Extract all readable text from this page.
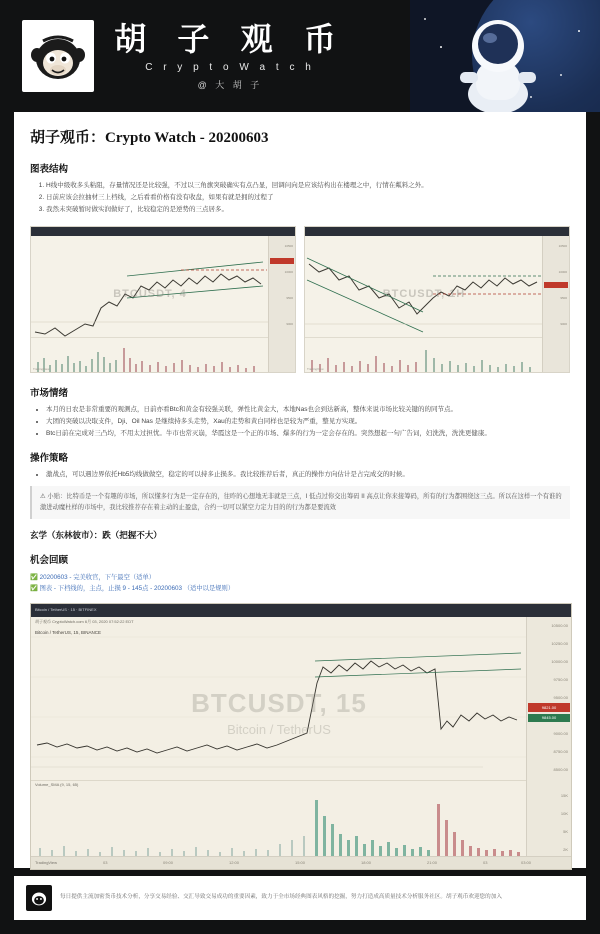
胡 子 观 币
C r y p t o W a t c h
@ 大 胡 子
胡子观币：Crypto Watch - 20200603
图表结构
1. H线中级收多头粘阻，存量情况还是比较强，不过以三角旗突破确实有点凸显，回调问向是应该结构出在楼理之中，行情在粼料之外。
2. 日前应该会拉抽材三上档线，之后看看价格有没有收盘，如果有就是拥的过程了
3. 我然未突破暂时做实润做好了，比较稳定的是逆势的三点居多。
BTCUSDT, 4
10500
10000
9500
9000
TradingView
BTCUSDT, 1H
10500
10000
9500
9000
TradingView
市场情绪
• 本月的日农是非常重要的观测点，日前亦看Btc和黄金有较强关联，弹性比黄金大，本地Nas也会到达新高，整体来说市场比较关键的的同节点。
• 大团的突破以决取支件，Dji、Oil Nas 是继续持多头走势，Xau的走势和黄白同样也是较为严重，整见方实现。
• Btc日前在完成对三凸均，不用太过担忧。牛市也常灭崩，华霞这是一个正的市场、爆多的行为一定会存在的。突然想起一句广告词，妇洗洗，洗洗更健康。
操作策略
• 激战点，可以遇边界依托Hb5均线做做空，稳定的可以持多止损多。我比较推荐后者，真正的操作方向估计是占完成交的时候。
⚠ 小贴：比特币是一个有趣的市场，所以懂多行为是一定存在的，往昨的心想地无非就是三点，I 低点过你交出筹码 II 高点让你来接筹码，所有的行为都围绕这三点。所以在这样一个有谁的激进动魔杜样的市场中，我比较推荐存在着主动的止盈盘，合约一切可以紧空力定力目的的行为都是要流效
玄学（东林彼市）：跌（把握不大）
机会回顾
✅ 20200603 - 完美收官，下午最空（适单）
✅ 图表 - 下档线的，主点，止损 9 - 145点 - 20200603 （适中以是规则）
Bitcoin / TetherUS · 15 · BITFINEX
胡子观币 CryptoWatch.com 6月 03, 2020 07:52:22 EDT
Bitcoin / TetherUS, 15, BINANCE
BTCUSDT, 15
Bitcoin / TetherUS
Volume_SMA (9, 15, 65)
10500.00
10250.00
10000.00
9750.00
9500.00
9000.00
8750.00
8500.00
9821.00
9845.00
15K
10K
5K
2K
TradingView	03	09:00	12:00	15:00	18:00	21:00	03	03:00
每日提供主流加密货币技术分析，分享交易经验、交汇导致交易成功的重要因素，致力于全市场经典图表风格的挖掘，努力打造成高质量技术分析服务社区。胡子观币欢迎您的加入
